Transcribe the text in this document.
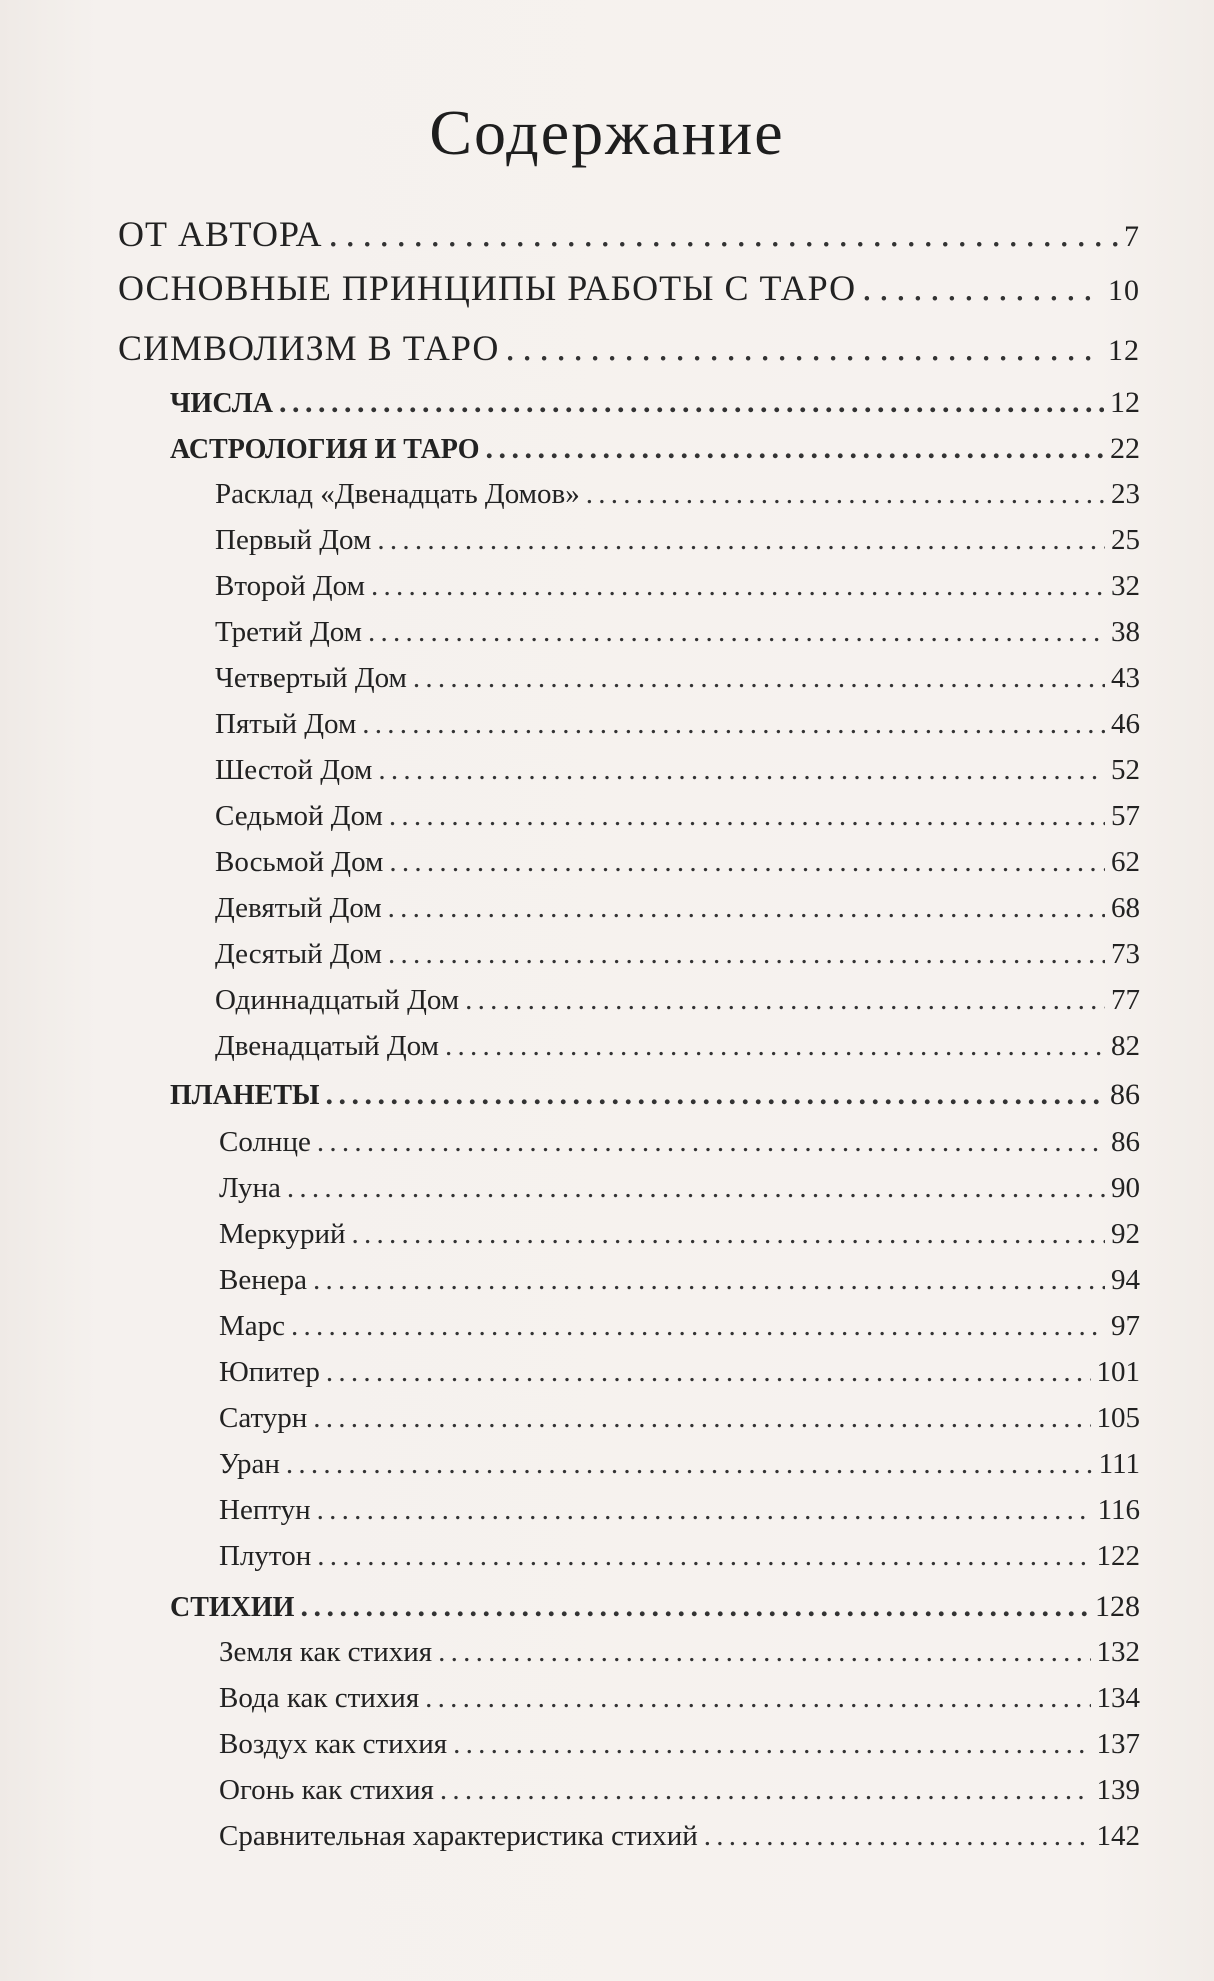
Содержание
ОТ АВТОРА . . .	7
ОСНОВНЫЕ ПРИНЦИПЫ РАБОТЫ С ТАРО . . .	10
СИМВОЛИЗМ В ТАРО . . .	12
ЧИСЛА . . .	12
АСТРОЛОГИЯ И ТАРО . . .	22
Расклад «Двенадцать Домов» . . .	23
Первый Дом . . .	25
Второй Дом . . .	32
Третий Дом . . .	38
Четвертый Дом . . .	43
Пятый Дом . . .	46
Шестой Дом . . .	52
Седьмой Дом . . .	57
Восьмой Дом . . .	62
Девятый Дом . . .	68
Десятый Дом . . .	73
Одиннадцатый Дом . . .	77
Двенадцатый Дом . . .	82
ПЛАНЕТЫ . . .	86
Солнце . . .	86
Луна . . .	90
Меркурий . . .	92
Венера . . .	94
Марс . . .	97
Юпитер . . .	101
Сатурн . . .	105
Уран . . .	111
Нептун . . .	116
Плутон . . .	122
СТИХИИ . . .	128
Земля как стихия . . .	132
Вода как стихия . . .	134
Воздух как стихия . . .	137
Огонь как стихия . . .	139
Сравнительная характеристика стихий . . .	142
